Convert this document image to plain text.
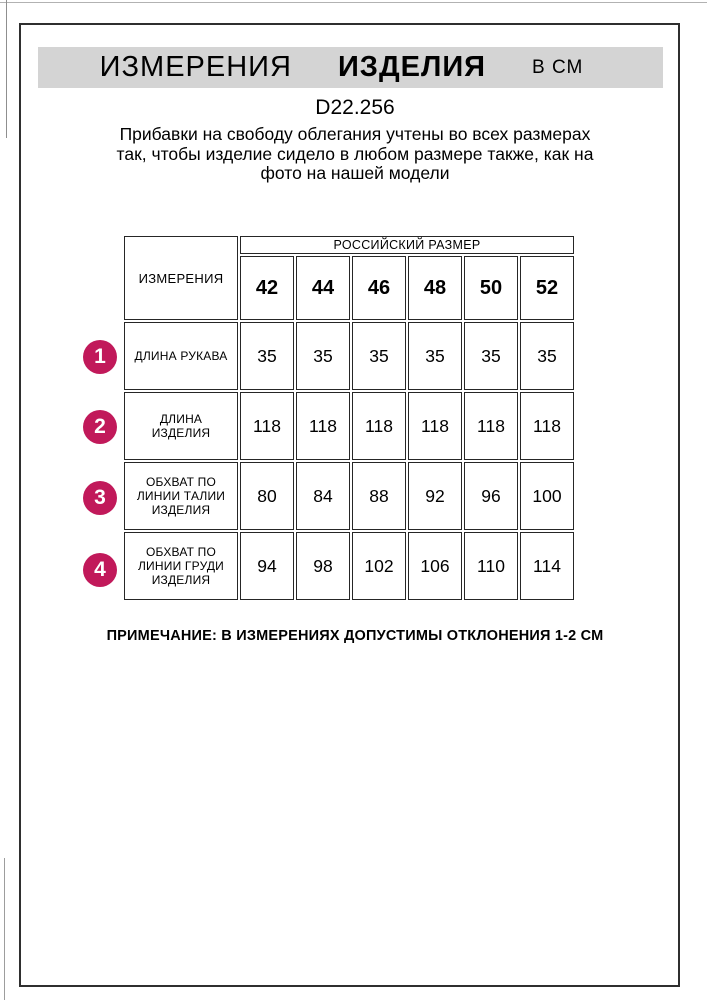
ИЗМЕРЕНИЯ ИЗДЕЛИЯ В СМ
D22.256
Прибавки на свободу облегания учтены во всех размерах
так, чтобы изделие сидело в любом размере также, как на
фото на нашей модели
1
2
3
4
ИЗМЕРЕНИЯ	РОССИЙСКИЙ РАЗМЕР					
	42	44	46	48	50	52
ДЛИНА РУКАВА	35	35	35	35	35	35
ДЛИНА ИЗДЕЛИЯ	118	118	118	118	118	118
ОБХВАТ ПО ЛИНИИ ТАЛИИ ИЗДЕЛИЯ	80	84	88	92	96	100
ОБХВАТ ПО ЛИНИИ ГРУДИ ИЗДЕЛИЯ	94	98	102	106	110	114
ПРИМЕЧАНИЕ: В ИЗМЕРЕНИЯХ ДОПУСТИМЫ ОТКЛОНЕНИЯ 1-2 СМ
